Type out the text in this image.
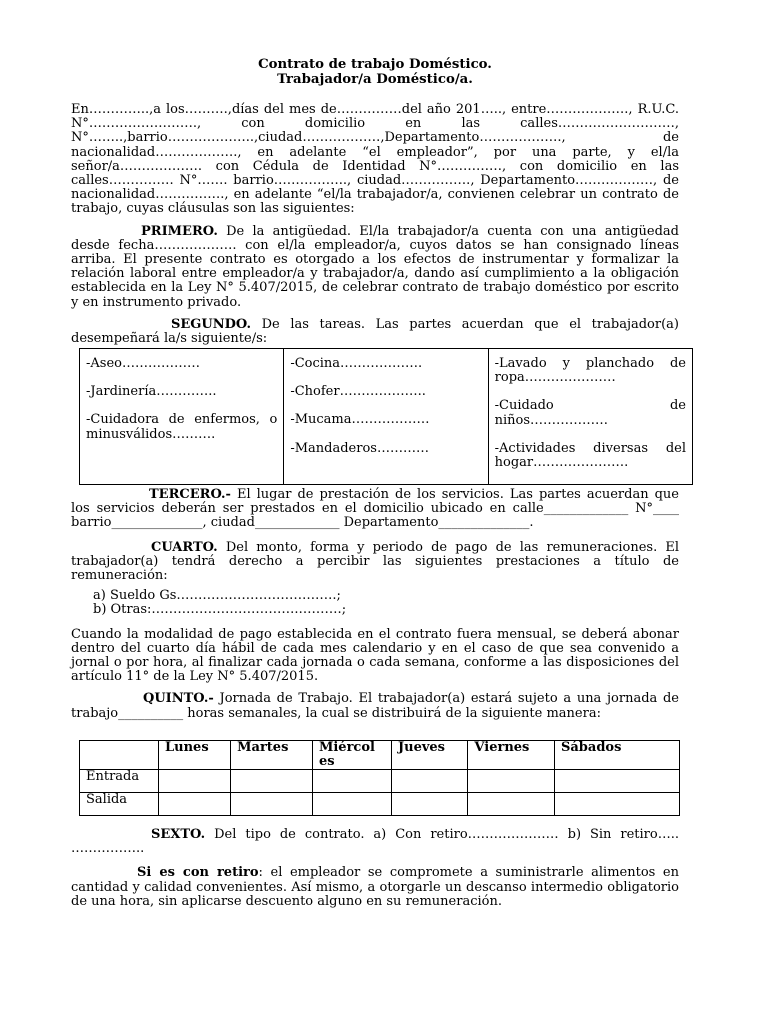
Contrato de trabajo Doméstico.
Trabajador/a Doméstico/a.

En…………..,a los……….,días del mes de……………del año 201….., entre………………., R.U.C. N°……………………., con domicilio en las calles………………………, N°……..,barrio………………..,ciudad………………,Departamento………………., de nacionalidad………………., en adelante “el empleador”, por una parte, y el/la señor/a………………. con Cédula de Identidad N°……………, con domicilio en las calles…………… N°……. barrio…………….., ciudad……………., Departamento………………, de nacionalidad……………., en adelante “el/la trabajador/a, convienen celebrar un contrato de trabajo, cuyas cláusulas son las siguientes:

PRIMERO. De la antigüedad. El/la trabajador/a cuenta con una antigüedad desde fecha………………. con el/la empleador/a, cuyos datos se han consignado líneas arriba. El presente contrato es otorgado a los efectos de instrumentar y formalizar la relación laboral entre empleador/a y trabajador/a, dando así cumplimiento a la obligación establecida en la Ley N° 5.407/2015, de celebrar contrato de trabajo doméstico por escrito y en instrumento privado.

SEGUNDO. De las tareas. Las partes acuerdan que el trabajador(a) desempeñará la/s siguiente/s:

-Aseo………………

-Jardinería…………..

-Cuidadora de enfermos, o minusválidos……….

-Cocina……………….

-Chofer………………..

-Mucama………………

-Mandaderos…………

-Lavado y planchado de ropa…………………

-Cuidado de niños………………

-Actividades diversas del hogar………………….

TERCERO.- El lugar de prestación de los servicios. Las partes acuerdan que los servicios deberán ser prestados en el domicilio ubicado en calle_____________ N°____ barrio______________, ciudad_____________ Departamento______________.

CUARTO. Del monto, forma y periodo de pago de las remuneraciones. El trabajador(a) tendrá derecho a percibir las siguientes prestaciones a título de remuneración:

a) Sueldo Gs……………………………….;
b) Otras:…………………………….……….;

Cuando la modalidad de pago establecida en el contrato fuera mensual, se deberá abonar dentro del cuarto día hábil de cada mes calendario y en el caso de que sea convenido a jornal o por hora, al finalizar cada jornada o cada semana, conforme a las disposiciones del artículo 11° de la Ley N° 5.407/2015.

QUINTO.- Jornada de Trabajo. El trabajador(a) estará sujeto a una jornada de trabajo__________ horas semanales, la cual se distribuirá de la siguiente manera:

	Lunes	Martes	Miércol es	Jueves	Viernes	Sábados
Entrada						
Salida						

SEXTO. Del tipo de contrato. a) Con retiro………………… b) Sin retiro….. ……………..

Si es con retiro: el empleador se compromete a suministrarle alimentos en cantidad y calidad convenientes. Así mismo, a otorgarle un descanso intermedio obligatorio de una hora, sin aplicarse descuento alguno en su remuneración.
